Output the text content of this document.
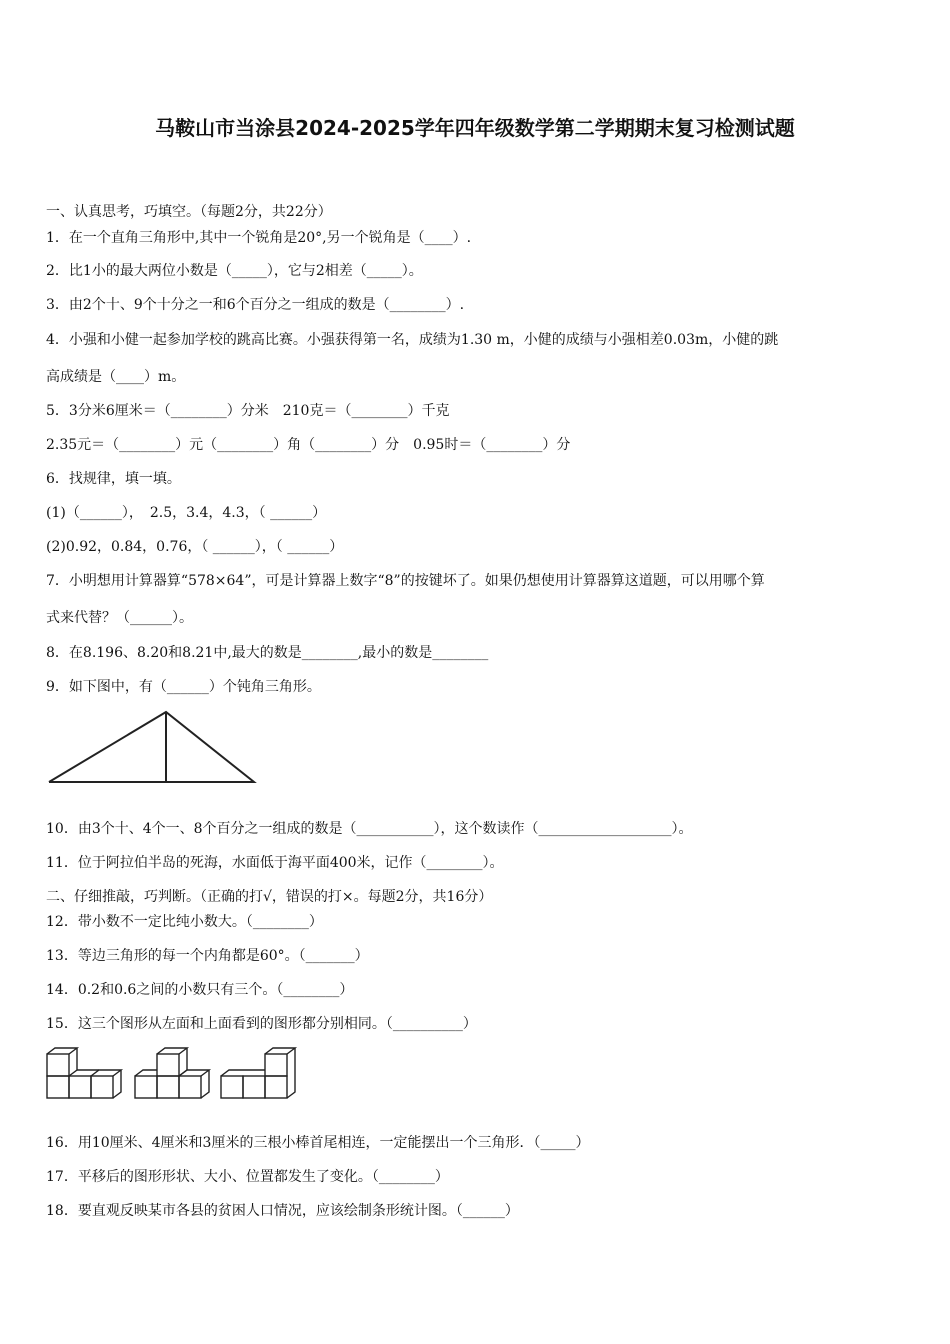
马鞍山市当涂县2024-2025学年四年级数学第二学期期末复习检测试题
一、认真思考，巧填空。（每题2分，共22分）
1．在一个直角三角形中,其中一个锐角是20°,另一个锐角是（____）.
2．比1小的最大两位小数是（_____），它与2相差（_____）。
3．由2个十、9个十分之一和6个百分之一组成的数是（________）.
4．小强和小健一起参加学校的跳高比赛。小强获得第一名，成绩为1.30 m，小健的成绩与小强相差0.03m，小健的跳
高成绩是（____）m。
5．3分米6厘米＝（________）分米　210克＝（________）千克
2.35元＝（________）元（________）角（________）分　0.95时＝（________）分
6．找规律，填一填。
(1)（______），　2.5，3.4，4.3，（ ______）
(2)0.92，0.84，0.76，（ ______），（ ______）
7．小明想用计算器算“578×64”，可是计算器上数字“8”的按键坏了。如果仍想使用计算器算这道题，可以用哪个算
式来代替？（______）。
8．在8.196、8.20和8.21中,最大的数是________,最小的数是________
9．如下图中，有（______）个钝角三角形。
10．由3个十、4个一、8个百分之一组成的数是（___________），这个数读作（___________________）。
11．位于阿拉伯半岛的死海，水面低于海平面400米，记作（________）。
二、仔细推敲，巧判断。（正确的打√，错误的打×。每题2分，共16分）
12．带小数不一定比纯小数大。（________）
13．等边三角形的每一个内角都是60°。（_______）
14．0.2和0.6之间的小数只有三个。（________）
15．这三个图形从左面和上面看到的图形都分别相同。（__________）
16．用10厘米、4厘米和3厘米的三根小棒首尾相连，一定能摆出一个三角形．（_____）
17．平移后的图形形状、大小、位置都发生了变化。（________）
18．要直观反映某市各县的贫困人口情况，应该绘制条形统计图。（______）
